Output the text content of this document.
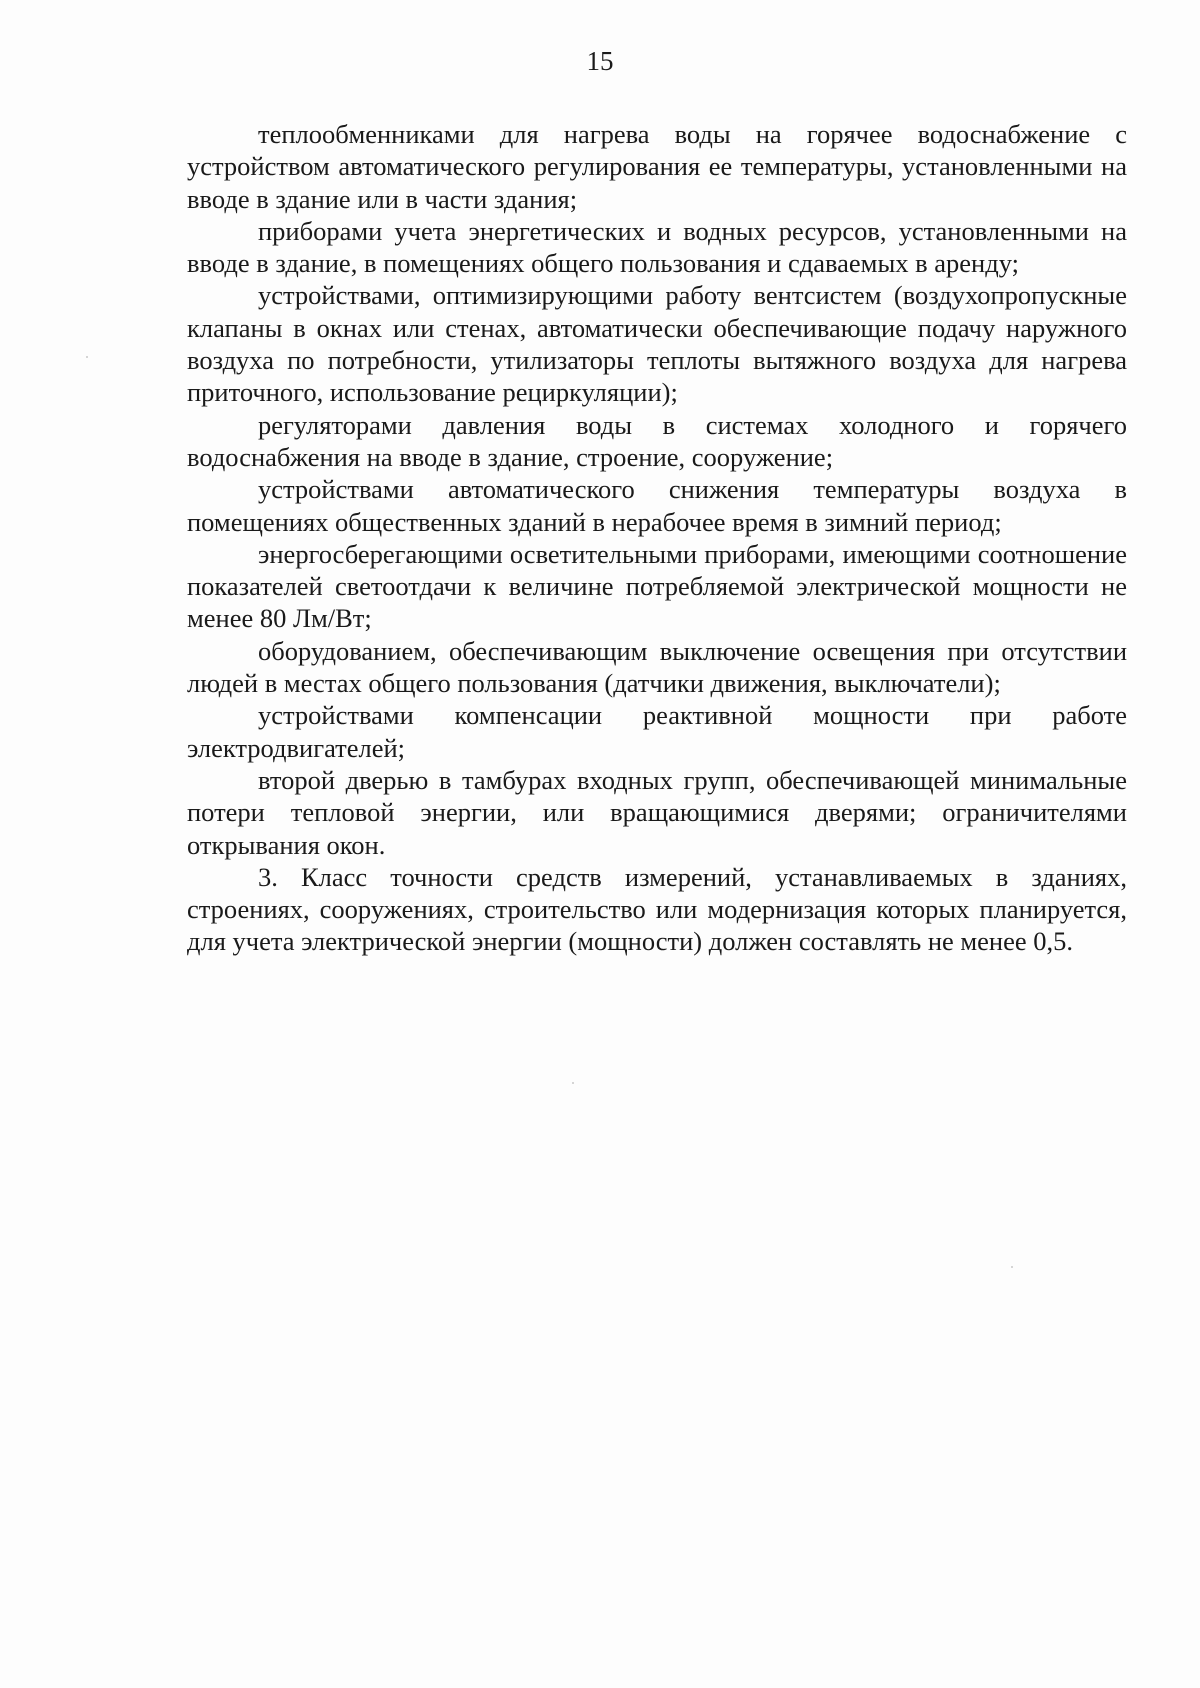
15

теплообменниками для нагрева воды на горячее водоснабжение с устройством автоматического регулирования ее температуры, установленными на вводе в здание или в части здания;

приборами учета энергетических и водных ресурсов, установленными на вводе в здание, в помещениях общего пользования и сдаваемых в аренду;

устройствами, оптимизирующими работу вентсистем (воздухопропускные клапаны в окнах или стенах, автоматически обеспечивающие подачу наружного воздуха по потребности, утилизаторы теплоты вытяжного воздуха для нагрева приточного, использование рециркуляции);

регуляторами давления воды в системах холодного и горячего водоснабжения на вводе в здание, строение, сооружение;

устройствами автоматического снижения температуры воздуха в помещениях общественных зданий в нерабочее время в зимний период;

энергосберегающими осветительными приборами, имеющими соотношение показателей светоотдачи к величине потребляемой электрической мощности не менее 80 Лм/Вт;

оборудованием, обеспечивающим выключение освещения при отсутствии людей в местах общего пользования (датчики движения, выключатели);

устройствами компенсации реактивной мощности при работе электродвигателей;

второй дверью в тамбурах входных групп, обеспечивающей минимальные потери тепловой энергии, или вращающимися дверями; ограничителями открывания окон.

3. Класс точности средств измерений, устанавливаемых в зданиях, строениях, сооружениях, строительство или модернизация которых планируется, для учета электрической энергии (мощности) должен составлять не менее 0,5.
